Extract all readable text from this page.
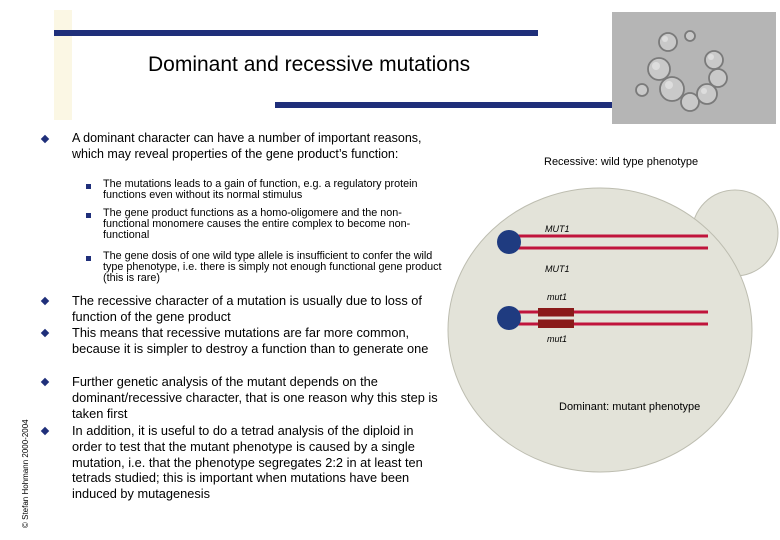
Dominant and recessive mutations
© Stefan Hohmann 2000-2004
A dominant character can have a number of important reasons, which may reveal properties of the gene product’s function:
The mutations leads to a gain of function, e.g. a regulatory protein functions even without its normal stimulus
The gene product functions as a homo-oligomere and the non-functional monomere causes the entire complex to become non-functional
The gene dosis of one wild type allele is insufficient to confer the wild type phenotype, i.e. there is simply not enough functional gene product (this is rare)
The recessive character of a mutation is usually due to loss of function of the gene product
This means that recessive mutations are far more common, because it is simpler to destroy a function than to generate one
Further genetic analysis of the mutant depends on the dominant/recessive character, that is one reason why this step is taken first
In addition, it is useful to do a tetrad analysis of the diploid in order to test that the mutant phenotype is caused by a single mutation, i.e. that the phenotype segregates 2:2 in at least ten tetrads studied; this is important when mutations have been induced by mutagenesis
Recessive: wild type phenotype
Dominant: mutant phenotype
MUT1
MUT1
mut1
mut1
